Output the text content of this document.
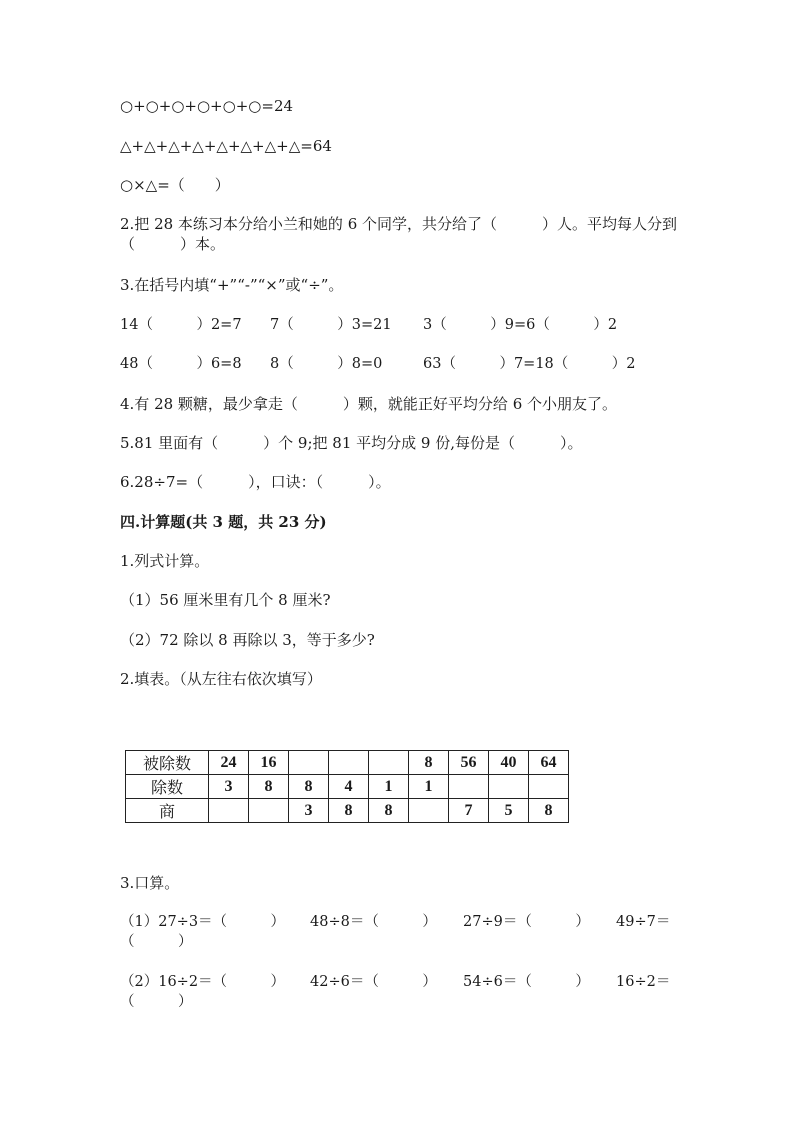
○+○+○+○+○+○=24
△+△+△+△+△+△+△+△=64
○×△=（　　）
2.把 28 本练习本分给小兰和她的 6 个同学，共分给了（　　　）人。平均每人分到（　　　）本。
3.在括号内填“+”“-”“×”或“÷”。
14（　　　）2=7 7（　　　）3=21 3（　　　）9=6（　　　）2
48（　　　）6=8 8（　　　）8=0	63（　　　）7=18（　　　）2
4.有 28 颗糖，最少拿走（　　　）颗，就能正好平均分给 6 个小朋友了。
5.81 里面有（　　　）个 9;把 81 平均分成 9 份,每份是（　　　）。
6.28÷7=（　　　），口诀：（　　　）。
四.计算题(共 3 题，共 23 分)
1.列式计算。
（1）56 厘米里有几个 8 厘米?
（2）72 除以 8 再除以 3，等于多少?
2.填表。（从左往右依次填写）
被除数	24	16				8	56	40	64
除数	3	8	8	4	1	1			
商			3	8	8		7	5	8
3.口算。
（1）27÷3＝（　　　） 48÷8＝（　　　） 27÷9＝（　　　） 49÷7＝
（　　　）
（2）16÷2＝（　　　） 42÷6＝（　　　） 54÷6＝（　　　） 16÷2＝
（　　　）
